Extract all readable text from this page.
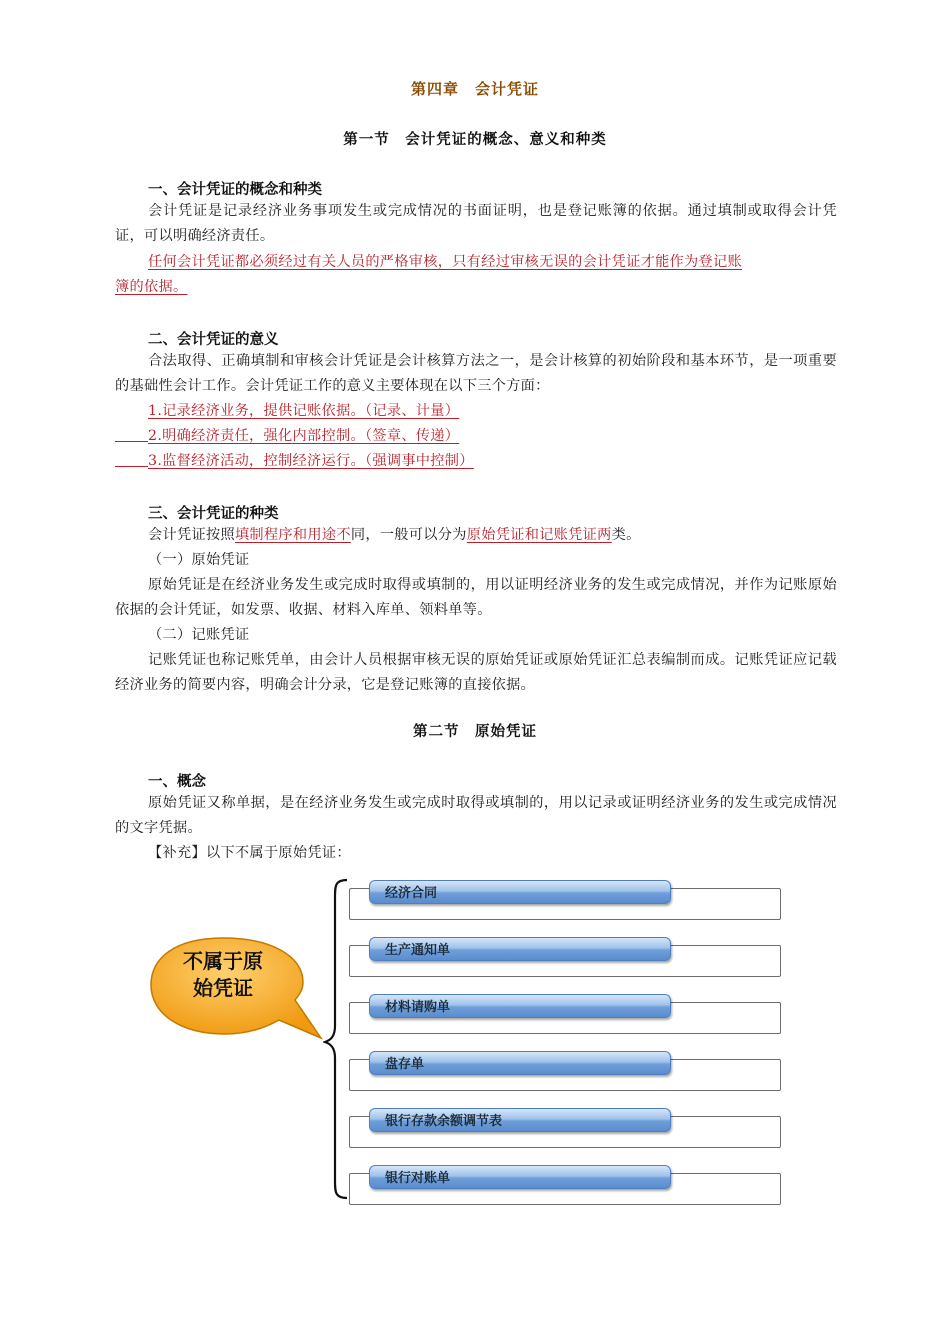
第四章　会计凭证
第一节　会计凭证的概念、意义和种类
一、会计凭证的概念和种类

会计凭证是记录经济业务事项发生或完成情况的书面证明，也是登记账簿的依据。通过填制或取得会计凭证，可以明确经济责任。

任何会计凭证都必须经过有关人员的严格审核，只有经过审核无误的会计凭证才能作为登记账
簿的依据。
二、会计凭证的意义

合法取得、正确填制和审核会计凭证是会计核算方法之一，是会计核算的初始阶段和基本环节，是一项重要的基础性会计工作。会计凭证工作的意义主要体现在以下三个方面：

1.记录经济业务，提供记账依据。（记录、计量）
2.明确经济责任，强化内部控制。（签章、传递）
3.监督经济活动，控制经济运行。（强调事中控制）
三、会计凭证的种类
会计凭证按照填制程序和用途不同，一般可以分为原始凭证和记账凭证两类。
（一）原始凭证

原始凭证是在经济业务发生或完成时取得或填制的，用以证明经济业务的发生或完成情况，并作为记账原始依据的会计凭证，如发票、收据、材料入库单、领料单等。

（二）记账凭证

记账凭证也称记账凭单，由会计人员根据审核无误的原始凭证或原始凭证汇总表编制而成。记账凭证应记载经济业务的简要内容，明确会计分录，它是登记账簿的直接依据。

第二节　原始凭证
一、概念

原始凭证又称单据，是在经济业务发生或完成时取得或填制的，用以记录或证明经济业务的发生或完成情况的文字凭据。

【补充】以下不属于原始凭证：
不属于原
始凭证
经济合同
生产通知单
材料请购单
盘存单
银行存款余额调节表
银行对账单
